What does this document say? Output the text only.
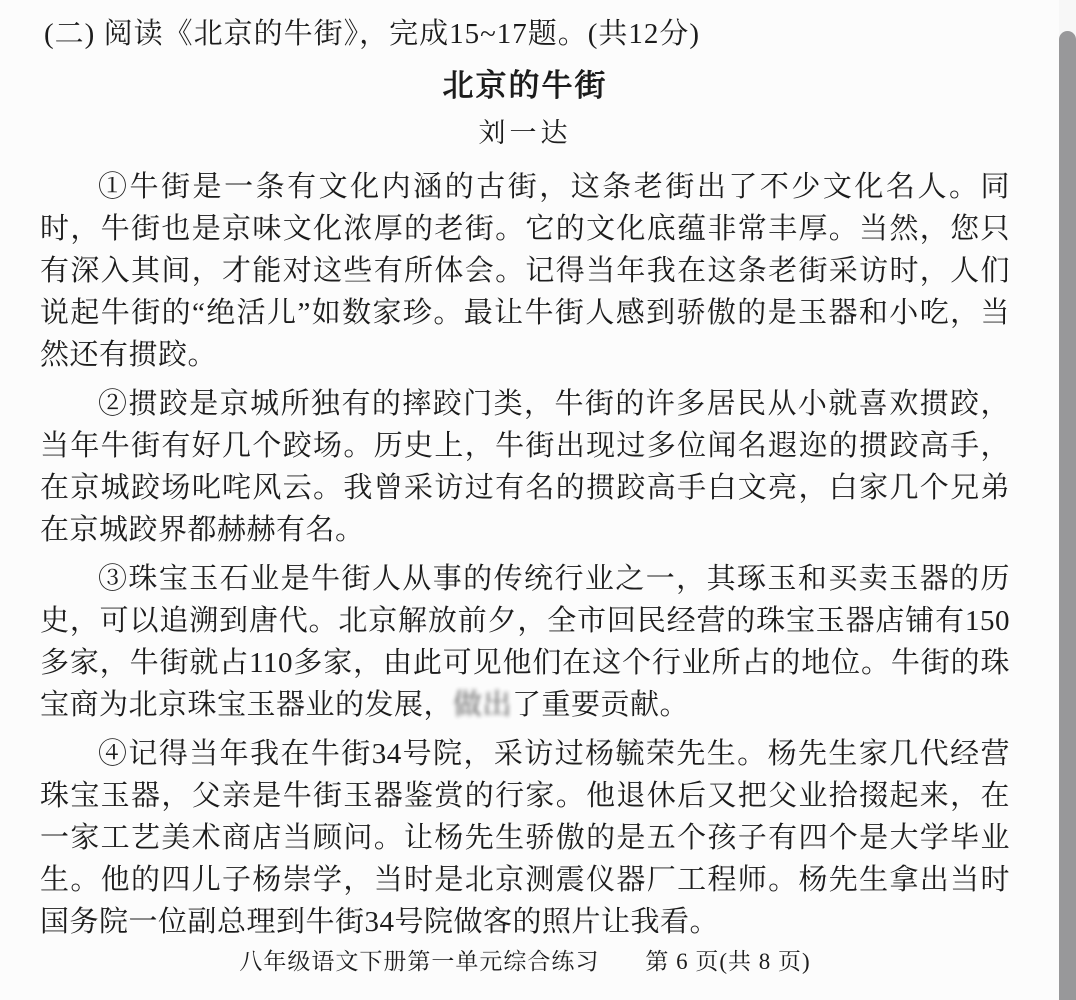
(二) 阅读《北京的牛街》，完成15~17题。(共12分)
北京的牛街
刘一达

①牛街是一条有文化内涵的古街，这条老街出了不少文化名人。同时，牛街也是京味文化浓厚的老街。它的文化底蕴非常丰厚。当然，您只有深入其间，才能对这些有所体会。记得当年我在这条老街采访时，人们说起牛街的“绝活儿”如数家珍。最让牛街人感到骄傲的是玉器和小吃，当然还有掼跤。

②掼跤是京城所独有的摔跤门类，牛街的许多居民从小就喜欢掼跤，当年牛街有好几个跤场。历史上，牛街出现过多位闻名遐迩的掼跤高手，在京城跤场叱咤风云。我曾采访过有名的掼跤高手白文亮，白家几个兄弟在京城跤界都赫赫有名。

③珠宝玉石业是牛街人从事的传统行业之一，其琢玉和买卖玉器的历史，可以追溯到唐代。北京解放前夕，全市回民经营的珠宝玉器店铺有150多家，牛街就占110多家，由此可见他们在这个行业所占的地位。牛街的珠宝商为北京珠宝玉器业的发展，做出了重要贡献。

④记得当年我在牛街34号院，采访过杨毓荣先生。杨先生家几代经营珠宝玉器，父亲是牛街玉器鉴赏的行家。他退休后又把父业拾掇起来，在一家工艺美术商店当顾问。让杨先生骄傲的是五个孩子有四个是大学毕业生。他的四儿子杨崇学，当时是北京测震仪器厂工程师。杨先生拿出当时国务院一位副总理到牛街34号院做客的照片让我看。

八年级语文下册第一单元综合练习 第 6 页(共 8 页)
